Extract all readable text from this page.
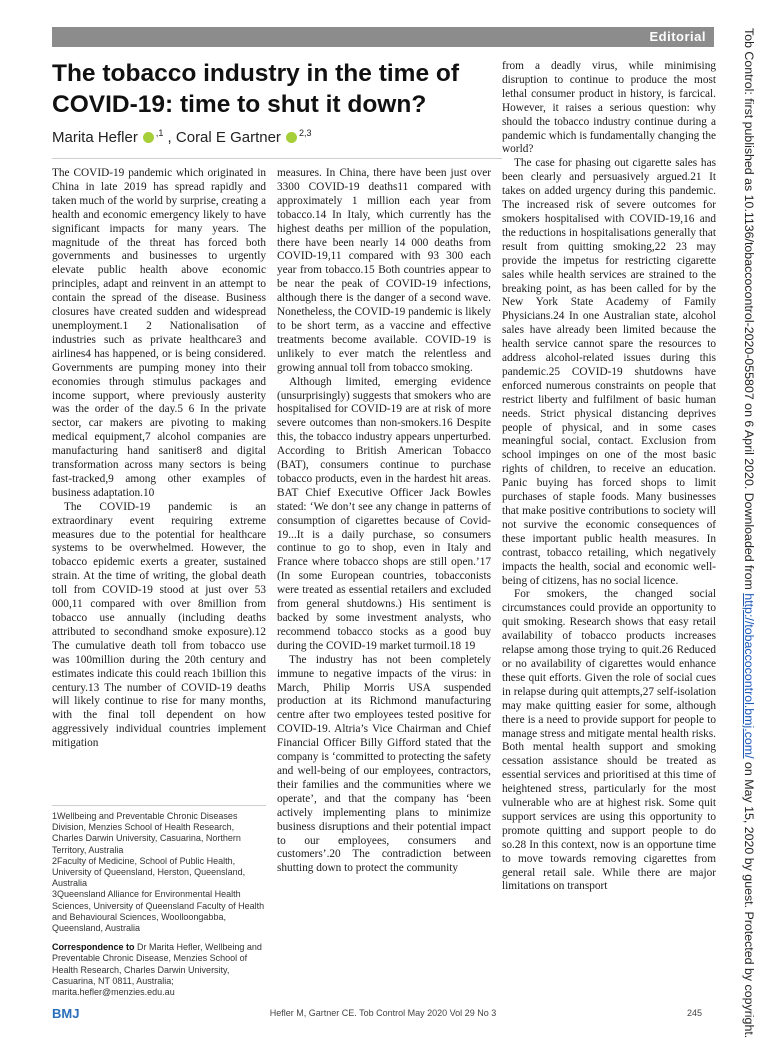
Editorial	Tob Control: first published as 10.1136/tobaccocontrol-2020-055807 on 6 April 2020. Downloaded from http://tobaccocontrol.bmj.com/ on May 15, 2020 by guest. Protected by copyright.
The tobacco industry in the time of COVID-19: time to shut it down?
Marita Hefler $^{,1}$ , Coral E Gartner $^{2,3}$

The COVID-19 pandemic which originated in China in late 2019 has spread rapidly and taken much of the world by surprise, creating a health and economic emergency likely to have significant impacts for many years. The magnitude of the threat has forced both governments and businesses to urgently elevate public health above economic principles, adapt and reinvent in an attempt to contain the spread of the disease. Business closures have created sudden and widespread unemployment.1 2 Nationalisation of industries such as private healthcare3 and airlines4 has happened, or is being considered. Governments are pumping money into their economies through stimulus packages and income support, where previously austerity was the order of the day.5 6 In the private sector, car makers are pivoting to making medical equipment,7 alcohol companies are manufacturing hand sanitiser8 and digital transformation across many sectors is being fast-tracked,9 among other examples of business adaptation.10

The COVID-19 pandemic is an extraordinary event requiring extreme measures due to the potential for healthcare systems to be overwhelmed. However, the tobacco epidemic exerts a greater, sustained strain. At the time of writing, the global death toll from COVID-19 stood at just over 53 000,11 compared with over 8million from tobacco use annually (including deaths attributed to secondhand smoke exposure).12 The cumulative death toll from tobacco use was 100million during the 20th century and estimates indicate this could reach 1billion this century.13 The number of COVID-19 deaths will likely continue to rise for many months, with the final toll dependent on how aggressively individual countries implement mitigation

measures. In China, there have been just over 3300 COVID-19 deaths11 compared with approximately 1 million each year from tobacco.14 In Italy, which currently has the highest deaths per million of the population, there have been nearly 14 000 deaths from COVID-19,11 compared with 93 300 each year from tobacco.15 Both countries appear to be near the peak of COVID-19 infections, although there is the danger of a second wave. Nonetheless, the COVID-19 pandemic is likely to be short term, as a vaccine and effective treatments become available. COVID-19 is unlikely to ever match the relentless and growing annual toll from tobacco smoking.

Although limited, emerging evidence (unsurprisingly) suggests that smokers who are hospitalised for COVID-19 are at risk of more severe outcomes than non-smokers.16 Despite this, the tobacco industry appears unperturbed. According to British American Tobacco (BAT), consumers continue to purchase tobacco products, even in the hardest hit areas. BAT Chief Executive Officer Jack Bowles stated: ‘We don’t see any change in patterns of consumption of cigarettes because of Covid-19...It is a daily purchase, so consumers continue to go to shop, even in Italy and France where tobacco shops are still open.’17 (In some European countries, tobacconists were treated as essential retailers and excluded from general shutdowns.) His sentiment is backed by some investment analysts, who recommend tobacco stocks as a good buy during the COVID-19 market turmoil.18 19

The industry has not been completely immune to negative impacts of the virus: in March, Philip Morris USA suspended production at its Richmond manufacturing centre after two employees tested positive for COVID-19. Altria’s Vice Chairman and Chief Financial Officer Billy Gifford stated that the company is ‘committed to protecting the safety and well-being of our employees, contractors, their families and the communities where we operate’, and that the company has ‘been actively implementing plans to minimize business disruptions and their potential impact to our employees, consumers and customers’.20 The contradiction between shutting down to protect the community

from a deadly virus, while minimising disruption to continue to produce the most lethal consumer product in history, is farcical. However, it raises a serious question: why should the tobacco industry continue during a pandemic which is fundamentally changing the world?

The case for phasing out cigarette sales has been clearly and persuasively argued.21 It takes on added urgency during this pandemic. The increased risk of severe outcomes for smokers hospitalised with COVID-19,16 and the reductions in hospitalisations generally that result from quitting smoking,22 23 may provide the impetus for restricting cigarette sales while health services are strained to the breaking point, as has been called for by the New York State Academy of Family Physicians.24 In one Australian state, alcohol sales have already been limited because the health service cannot spare the resources to address alcohol-related issues during this pandemic.25 COVID-19 shutdowns have enforced numerous constraints on people that restrict liberty and fulfilment of basic human needs. Strict physical distancing deprives people of physical, and in some cases meaningful social, contact. Exclusion from school impinges on one of the most basic rights of children, to receive an education. Panic buying has forced shops to limit purchases of staple foods. Many businesses that make positive contributions to society will not survive the economic consequences of these important public health measures. In contrast, tobacco retailing, which negatively impacts the health, social and economic well-being of citizens, has no social licence.

For smokers, the changed social circumstances could provide an opportunity to quit smoking. Research shows that easy retail availability of tobacco products increases relapse among those trying to quit.26 Reduced or no availability of cigarettes would enhance these quit efforts. Given the role of social cues in relapse during quit attempts,27 self-isolation may make quitting easier for some, although there is a need to provide support for people to manage stress and mitigate mental health risks. Both mental health support and smoking cessation assistance should be treated as essential services and prioritised at this time of heightened stress, particularly for the most vulnerable who are at highest risk. Some quit support services are using this opportunity to promote quitting and support people to do so.28 In this context, now is an opportune time to move towards removing cigarettes from general retail sale. While there are major limitations on transport

1Wellbeing and Preventable Chronic Diseases Division, Menzies School of Health Research, Charles Darwin University, Casuarina, Northern Territory, Australia

2Faculty of Medicine, School of Public Health, University of Queensland, Herston, Queensland, Australia

3Queensland Alliance for Environmental Health Sciences, University of Queensland Faculty of Health and Behavioural Sciences, Woolloongabba, Queensland, Australia

Correspondence to Dr Marita Hefler, Wellbeing and Preventable Chronic Disease, Menzies School of Health Research, Charles Darwin University, Casuarina, NT 0811, Australia; marita.hefler@menzies.edu.au

BMJ	Hefler M, Gartner CE. Tob Control May 2020 Vol 29 No 3	245
